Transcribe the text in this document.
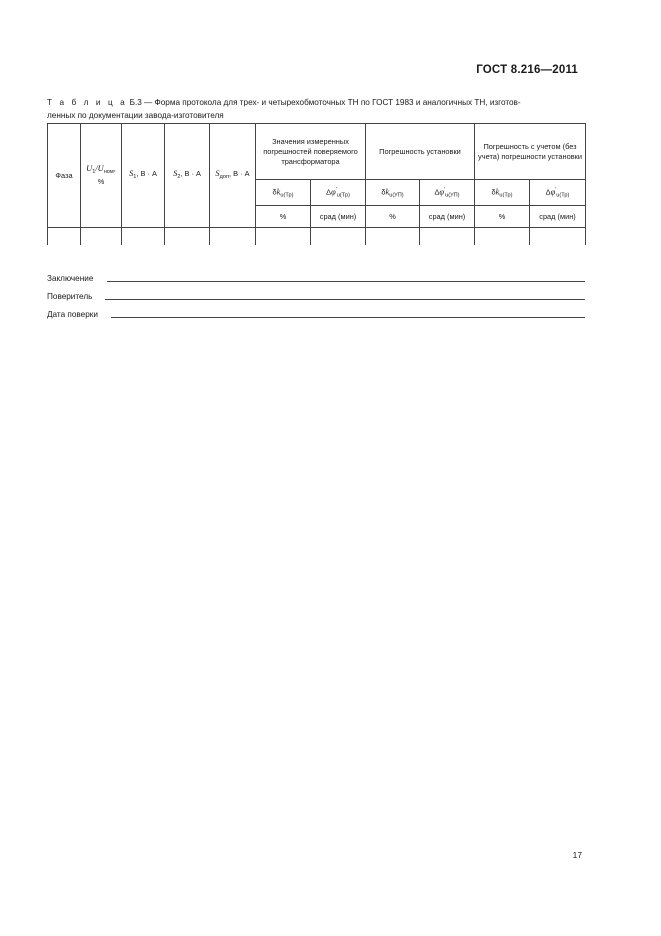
ГОСТ 8.216—2011
Т а б л и ц а Б.3 — Форма протокола для трех- и четырехобмоточных ТН по ГОСТ 1983 и аналогичных ТН, изготов-
ленных по документации завода-изготовителя
Фаза	$U_1/U_{ном}$, %	$S_1$, В · А	$S_2$, В · А	$S_{доп}$, В · А	Значения измеренных погрешностей поверяемого трансформатора		Погрешность установки		Погрешность с учетом (без учета) погрешности установки	
					$\delta k_{u(Тр)}$	$\Delta\varphi'_{u(Тр)}$	$\delta k_{u(УП)}$	$\Delta\varphi'_{u(УП)}$	$\delta k_{u(Тр)}$	$\Delta\varphi'_{u(Тр)}$
					%	срад (мин)	%	срад (мин)	%	срад (мин)

Заключение
Поверитель
Дата поверки
17
